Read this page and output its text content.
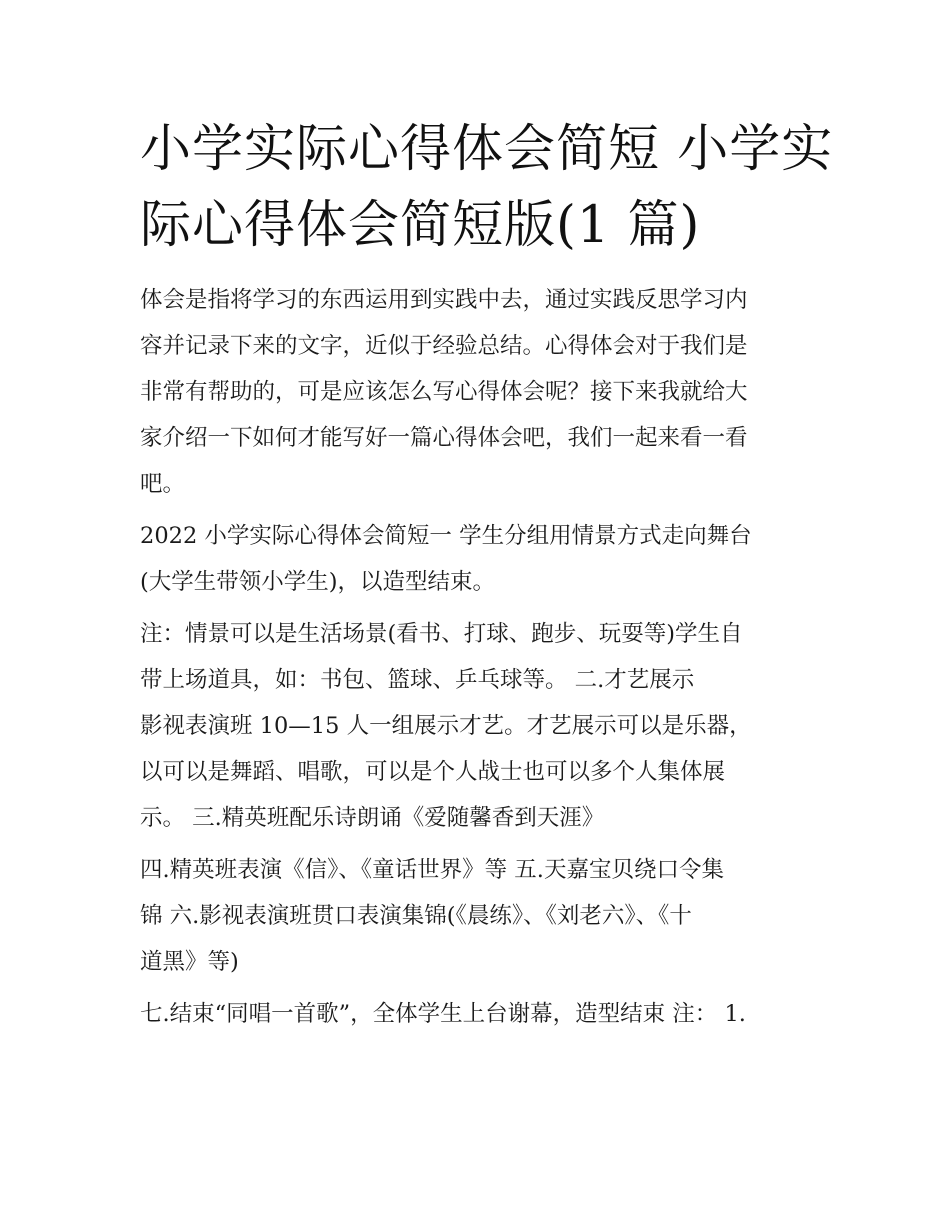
小学实际心得体会简短 小学实
际心得体会简短版(1 篇)

体会是指将学习的东西运用到实践中去，通过实践反思学习内
容并记录下来的文字，近似于经验总结。心得体会对于我们是
非常有帮助的，可是应该怎么写心得体会呢？接下来我就给大
家介绍一下如何才能写好一篇心得体会吧，我们一起来看一看
吧。

2022 小学实际心得体会简短一 学生分组用情景方式走向舞台
(大学生带领小学生)，以造型结束。

注：情景可以是生活场景(看书、打球、跑步、玩耍等)学生自
带上场道具，如：书包、篮球、乒乓球等。 二.才艺展示
影视表演班 10—15 人一组展示才艺。才艺展示可以是乐器，
以可以是舞蹈、唱歌，可以是个人战士也可以多个人集体展
示。 三.精英班配乐诗朗诵《爱随馨香到天涯》

四.精英班表演《信》、《童话世界》等 五.天嘉宝贝绕口令集
锦 六.影视表演班贯口表演集锦(《晨练》、《刘老六》、《十
道黑》等)

七.结束“同唱一首歌”，全体学生上台谢幕，造型结束 注： 1.
